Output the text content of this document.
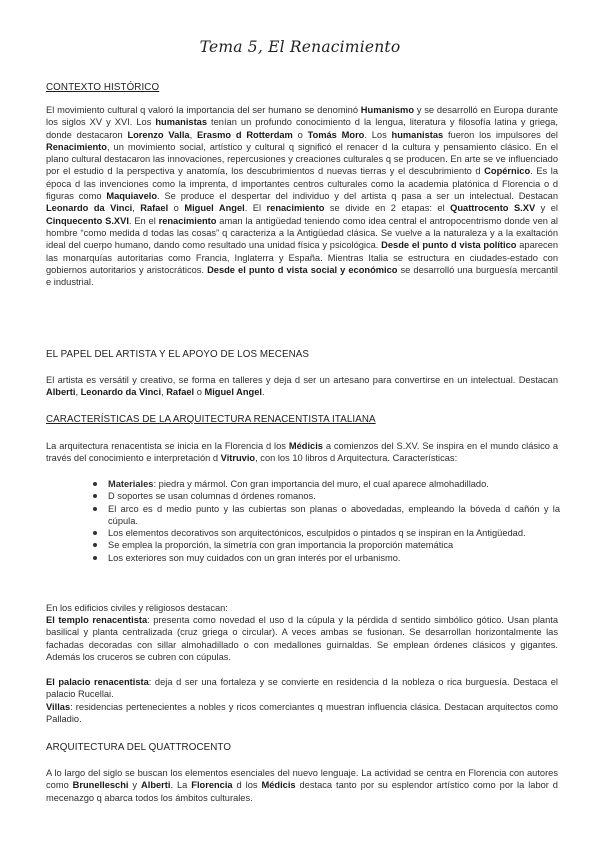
Tema 5, El Renacimiento
CONTEXTO HISTÓRICO
El movimiento cultural q valoró la importancia del ser humano se denominó Humanismo y se desarrolló en Europa durante los siglos XV y XVI. Los humanistas tenían un profundo conocimiento d la lengua, literatura y filosofía latina y griega, donde destacaron Lorenzo Valla, Erasmo d Rotterdam o Tomás Moro. Los humanistas fueron los impulsores del Renacimiento, un movimiento social, artístico y cultural q significó el renacer d la cultura y pensamiento clásico. En el plano cultural destacaron las innovaciones, repercusiones y creaciones culturales q se producen. En arte se ve influenciado por el estudio d la perspectiva y anatomía, los descubrimientos d nuevas tierras y el descubrimiento d Copérnico. Es la época d las invenciones como la imprenta, d importantes centros culturales como la academia platónica d Florencia o d figuras como Maquiavelo. Se produce el despertar del individuo y del artista q pasa a ser un intelectual. Destacan Leonardo da Vinci, Rafael o Miguel Angel. El renacimiento se divide en 2 etapas: el Quattrocento S.XV y el Cinquecento S.XVI. En el renacimiento aman la antigüedad teniendo como idea central el antropocentrismo donde ven al hombre “como medida d todas las cosas” q caracteriza a la Antigüedad clásica. Se vuelve a la naturaleza y a la exaltación ideal del cuerpo humano, dando como resultado una unidad física y psicológica. Desde el punto d vista político aparecen las monarquías autoritarias como Francia, Inglaterra y España. Mientras Italia se estructura en ciudades-estado con gobiernos autoritarios y aristocráticos. Desde el punto d vista social y económico se desarrolló una burguesía mercantil e industrial.
EL PAPEL DEL ARTISTA Y EL APOYO DE LOS MECENAS
El artista es versátil y creativo, se forma en talleres y deja d ser un artesano para convertirse en un intelectual. Destacan Alberti, Leonardo da Vinci, Rafael o Miguel Angel.
CARACTERÍSTICAS DE LA ARQUITECTURA RENACENTISTA ITALIANA
La arquitectura renacentista se inicia en la Florencia d los Médicis a comienzos del S.XV. Se inspira en el mundo clásico a través del conocimiento e interpretación d Vitruvio, con los 10 libros d Arquitectura. Características:
Materiales: piedra y mármol. Con gran importancia del muro, el cual aparece almohadillado.
D soportes se usan columnas d órdenes romanos.
El arco es d medio punto y las cubiertas son planas o abovedadas, empleando la bóveda d cañón y la cúpula.
Los elementos decorativos son arquitectónicos, esculpidos o pintados q se inspiran en la Antigüedad.
Se emplea la proporción, la simetría con gran importancia la proporción matemática
Los exteriores son muy cuidados con un gran interés por el urbanismo.
En los edificios civiles y religiosos destacan:
El templo renacentista: presenta como novedad el uso d la cúpula y la pérdida d sentido simbólico gótico. Usan planta basilical y planta centralizada (cruz griega o circular). A veces ambas se fusionan. Se desarrollan horizontalmente las fachadas decoradas con sillar almohadillado o con medallones guirnaldas. Se emplean órdenes clásicos y gigantes. Además los cruceros se cubren con cúpulas.
El palacio renacentista: deja d ser una fortaleza y se convierte en residencia d la nobleza o rica burguesía. Destaca el palacio Rucellai.
Villas: residencias pertenecientes a nobles y ricos comerciantes q muestran influencia clásica. Destacan arquitectos como Palladio.
ARQUITECTURA DEL QUATTROCENTO
A lo largo del siglo se buscan los elementos esenciales del nuevo lenguaje. La actividad se centra en Florencia con autores como Brunelleschi y Alberti. La Florencia d los Médicis destaca tanto por su esplendor artístico como por la labor d mecenazgo q abarca todos los ámbitos culturales.
